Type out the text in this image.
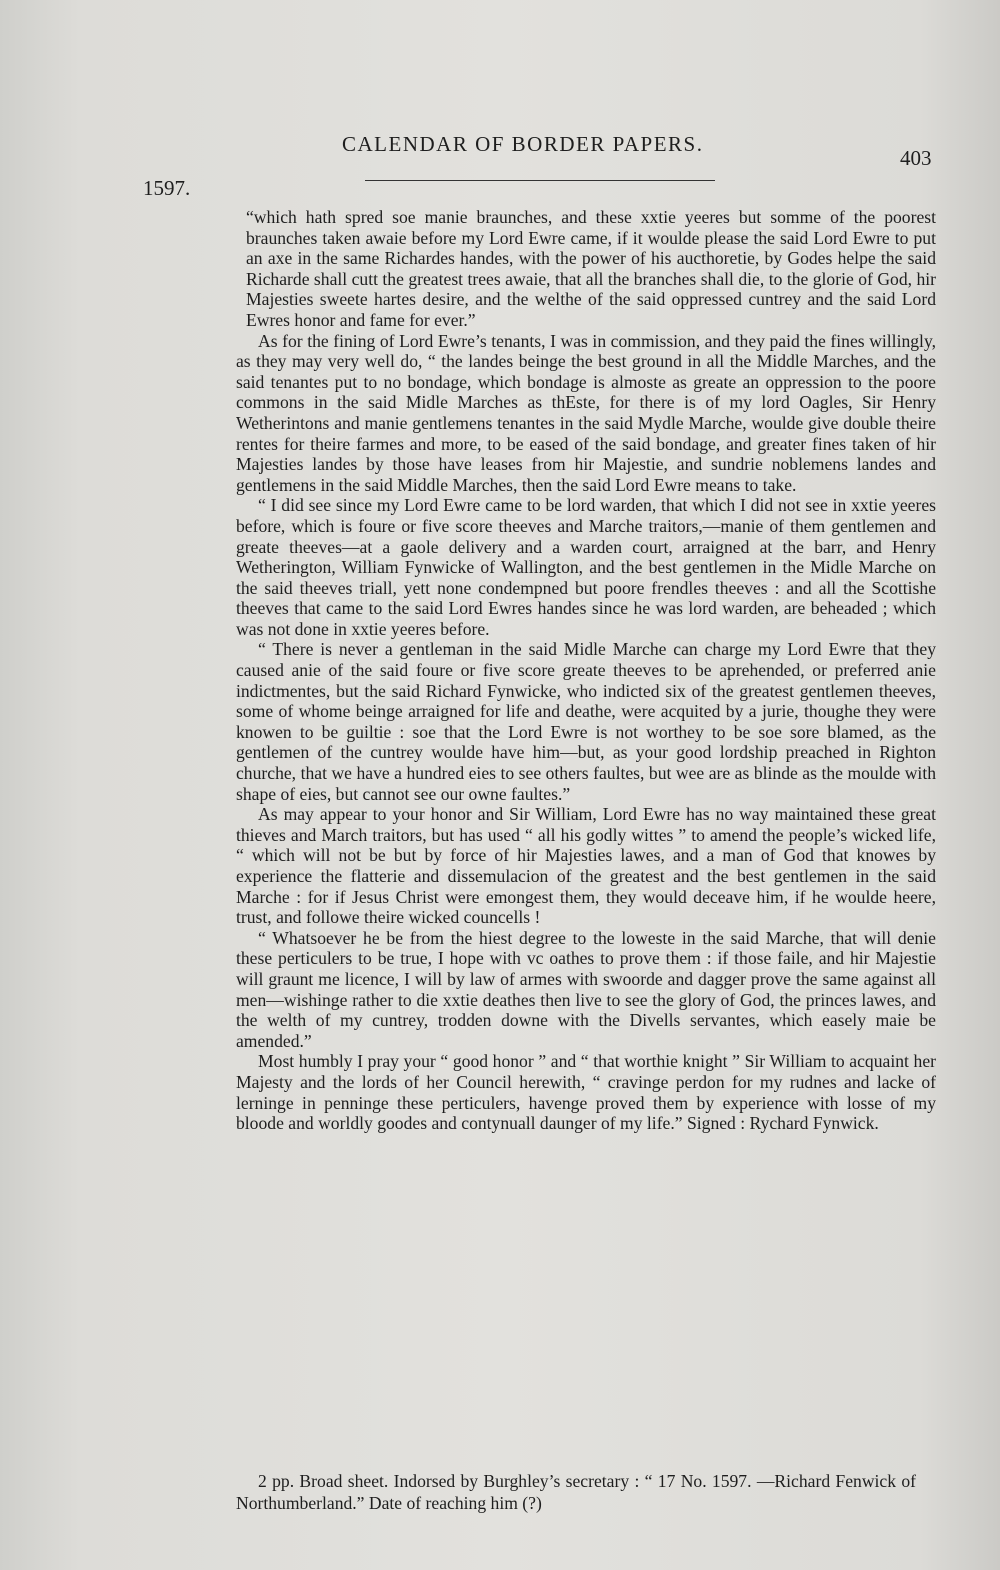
CALENDAR OF BORDER PAPERS.
403
1597.

“which hath spred soe manie braunches, and these xxtie yeeres but somme of the poorest braunches taken awaie before my Lord Ewre came, if it woulde please the said Lord Ewre to put an axe in the same Richardes handes, with the power of his aucthoretie, by Godes helpe the said Richarde shall cutt the greatest trees awaie, that all the branches shall die, to the glorie of God, hir Majesties sweete hartes desire, and the welthe of the said oppressed cuntrey and the said Lord Ewres honor and fame for ever.”

As for the fining of Lord Ewre’s tenants, I was in commission, and they paid the fines willingly, as they may very well do, “ the landes beinge the best ground in all the Middle Marches, and the said tenantes put to no bondage, which bondage is almoste as greate an oppression to the poore commons in the said Midle Marches as thEste, for there is of my lord Oagles, Sir Henry Wetherintons and manie gentlemens tenantes in the said Mydle Marche, woulde give double theire rentes for theire farmes and more, to be eased of the said bondage, and greater fines taken of hir Majesties landes by those have leases from hir Majestie, and sundrie noblemens landes and gentlemens in the said Middle Marches, then the said Lord Ewre means to take.

“ I did see since my Lord Ewre came to be lord warden, that which I did not see in xxtie yeeres before, which is foure or five score theeves and Marche traitors,—manie of them gentlemen and greate theeves—at a gaole delivery and a warden court, arraigned at the barr, and Henry Wetherington, William Fynwicke of Wallington, and the best gentlemen in the Midle Marche on the said theeves triall, yett none condempned but poore frendles theeves : and all the Scottishe theeves that came to the said Lord Ewres handes since he was lord warden, are beheaded ; which was not done in xxtie yeeres before.

“ There is never a gentleman in the said Midle Marche can charge my Lord Ewre that they caused anie of the said foure or five score greate theeves to be aprehended, or preferred anie indictmentes, but the said Richard Fynwicke, who indicted six of the greatest gentlemen theeves, some of whome beinge arraigned for life and deathe, were acquited by a jurie, thoughe they were knowen to be guiltie : soe that the Lord Ewre is not worthey to be soe sore blamed, as the gentlemen of the cuntrey woulde have him—but, as your good lordship preached in Righton churche, that we have a hundred eies to see others faultes, but wee are as blinde as the moulde with shape of eies, but cannot see our owne faultes.”

As may appear to your honor and Sir William, Lord Ewre has no way maintained these great thieves and March traitors, but has used “ all his godly wittes ” to amend the people’s wicked life, “ which will not be but by force of hir Majesties lawes, and a man of God that knowes by experience the flatterie and dissemulacion of the greatest and the best gentlemen in the said Marche : for if Jesus Christ were emongest them, they would deceave him, if he woulde heere, trust, and followe theire wicked councells !

“ Whatsoever he be from the hiest degree to the loweste in the said Marche, that will denie these perticulers to be true, I hope with vc oathes to prove them : if those faile, and hir Majestie will graunt me licence, I will by law of armes with swoorde and dagger prove the same against all men—wishinge rather to die xxtie deathes then live to see the glory of God, the princes lawes, and the welth of my cuntrey, trodden downe with the Divells servantes, which easely maie be amended.”

Most humbly I pray your “ good honor ” and “ that worthie knight ” Sir William to acquaint her Majesty and the lords of her Council herewith, “ cravinge perdon for my rudnes and lacke of lerninge in penninge these perticulers, havenge proved them by experience with losse of my bloode and worldly goodes and contynuall daunger of my life.” Signed : Rychard Fynwick.

2 pp. Broad sheet. Indorsed by Burghley’s secretary : “ 17 No. 1597. —Richard Fenwick of Northumberland.” Date of reaching him (?)
